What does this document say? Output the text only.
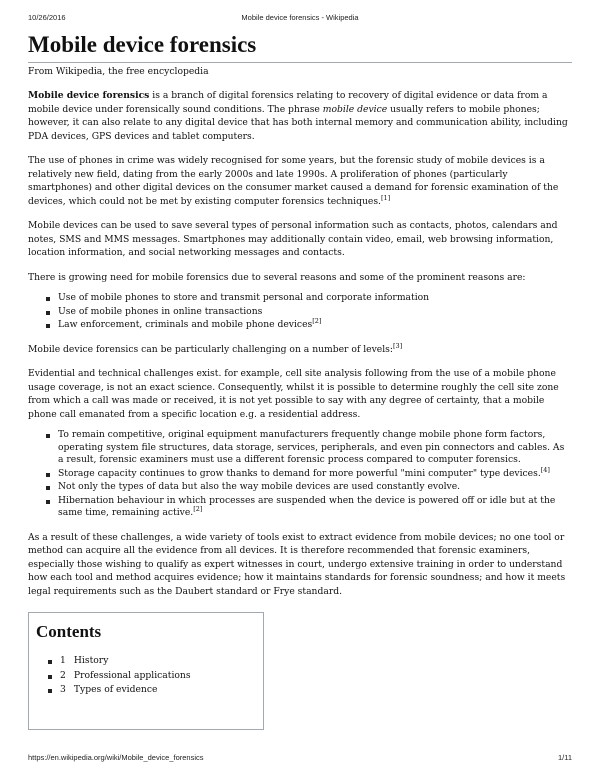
10/26/2016	Mobile device forensics - Wikipedia
Mobile device forensics
From Wikipedia, the free encyclopedia

Mobile device forensics is a branch of digital forensics relating to recovery of digital evidence or data from a mobile device under forensically sound conditions. The phrase mobile device usually refers to mobile phones; however, it can also relate to any digital device that has both internal memory and communication ability, including PDA devices, GPS devices and tablet computers.

The use of phones in crime was widely recognised for some years, but the forensic study of mobile devices is a relatively new field, dating from the early 2000s and late 1990s. A proliferation of phones (particularly smartphones) and other digital devices on the consumer market caused a demand for forensic examination of the devices, which could not be met by existing computer forensics techniques.[1]

Mobile devices can be used to save several types of personal information such as contacts, photos, calendars and notes, SMS and MMS messages. Smartphones may additionally contain video, email, web browsing information, location information, and social networking messages and contacts.

There is growing need for mobile forensics due to several reasons and some of the prominent reasons are:

Use of mobile phones to store and transmit personal and corporate information
Use of mobile phones in online transactions
Law enforcement, criminals and mobile phone devices[2]

Mobile device forensics can be particularly challenging on a number of levels:[3]

Evidential and technical challenges exist. for example, cell site analysis following from the use of a mobile phone usage coverage, is not an exact science. Consequently, whilst it is possible to determine roughly the cell site zone from which a call was made or received, it is not yet possible to say with any degree of certainty, that a mobile phone call emanated from a specific location e.g. a residential address.

To remain competitive, original equipment manufacturers frequently change mobile phone form factors, operating system file structures, data storage, services, peripherals, and even pin connectors and cables. As a result, forensic examiners must use a different forensic process compared to computer forensics.
Storage capacity continues to grow thanks to demand for more powerful "mini computer" type devices.[4]
Not only the types of data but also the way mobile devices are used constantly evolve.
Hibernation behaviour in which processes are suspended when the device is powered off or idle but at the same time, remaining active.[2]

As a result of these challenges, a wide variety of tools exist to extract evidence from mobile devices; no one tool or method can acquire all the evidence from all devices. It is therefore recommended that forensic examiners, especially those wishing to qualify as expert witnesses in court, undergo extensive training in order to understand how each tool and method acquires evidence; how it maintains standards for forensic soundness; and how it meets legal requirements such as the Daubert standard or Frye standard.

Contents
1 History
2 Professional applications
3 Types of evidence
https://en.wikipedia.org/wiki/Mobile_device_forensics	1/11
